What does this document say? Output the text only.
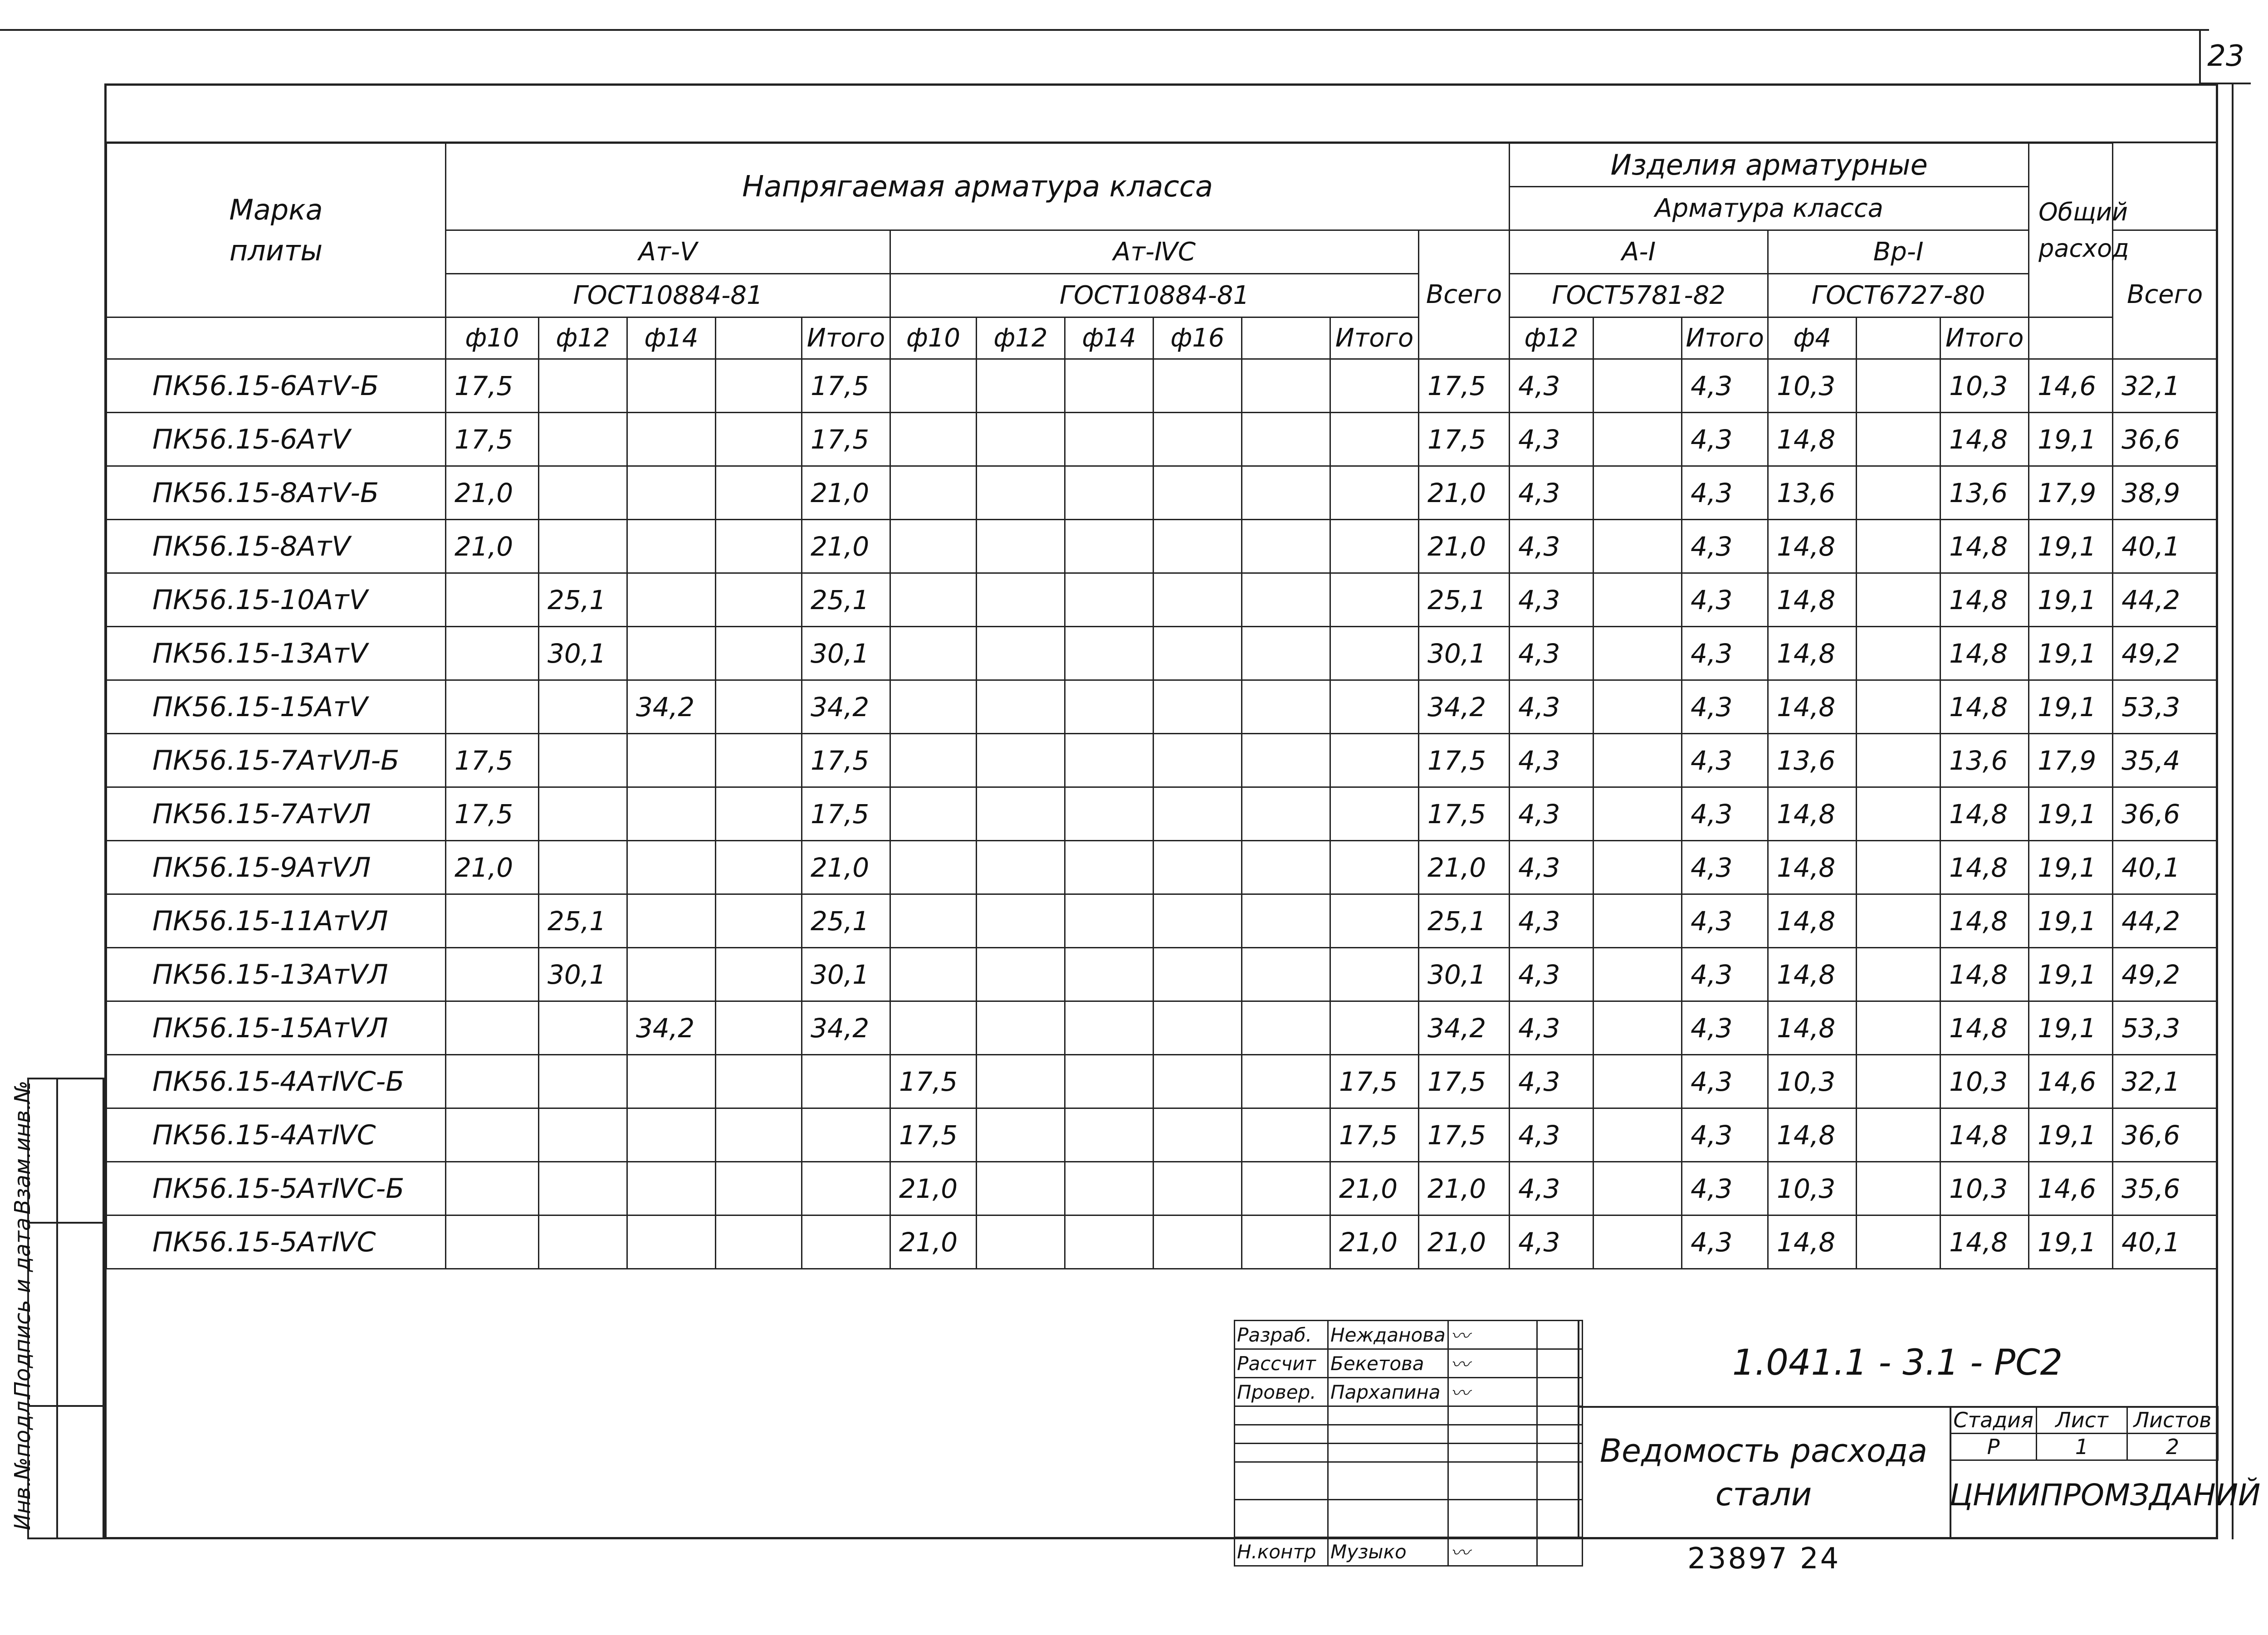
23
Марка плиты	Напрягаемая арматура класса												Изделия арматурные						Общий расход	
													Арматура класса							
	Ат-Ⅴ					Ат-ⅣС						Всего	А-Ⅰ			Вр-Ⅰ				Всего
	ГОСТ10884-81					ГОСТ10884-81							ГОСТ5781-82			ГОСТ6727-80				
	ф10	ф12	ф14		Итого	ф10	ф12	ф14	ф16		Итого		ф12		Итого	ф4		Итого		
ПК56.15-6АтⅤ-Б	17,5				17,5							17,5	4,3		4,3	10,3		10,3	14,6	32,1
ПК56.15-6АтⅤ	17,5				17,5							17,5	4,3		4,3	14,8		14,8	19,1	36,6
ПК56.15-8АтⅤ-Б	21,0				21,0							21,0	4,3		4,3	13,6		13,6	17,9	38,9
ПК56.15-8АтⅤ	21,0				21,0							21,0	4,3		4,3	14,8		14,8	19,1	40,1
ПК56.15-10АтⅤ		25,1			25,1							25,1	4,3		4,3	14,8		14,8	19,1	44,2
ПК56.15-13АтⅤ		30,1			30,1							30,1	4,3		4,3	14,8		14,8	19,1	49,2
ПК56.15-15АтⅤ			34,2		34,2							34,2	4,3		4,3	14,8		14,8	19,1	53,3
ПК56.15-7АтⅤЛ-Б	17,5				17,5							17,5	4,3		4,3	13,6		13,6	17,9	35,4
ПК56.15-7АтⅤЛ	17,5				17,5							17,5	4,3		4,3	14,8		14,8	19,1	36,6
ПК56.15-9АтⅤЛ	21,0				21,0							21,0	4,3		4,3	14,8		14,8	19,1	40,1
ПК56.15-11АтⅤЛ		25,1			25,1							25,1	4,3		4,3	14,8		14,8	19,1	44,2
ПК56.15-13АтⅤЛ		30,1			30,1							30,1	4,3		4,3	14,8		14,8	19,1	49,2
ПК56.15-15АтⅤЛ			34,2		34,2							34,2	4,3		4,3	14,8		14,8	19,1	53,3
ПК56.15-4АтⅣС-Б						17,5					17,5	17,5	4,3		4,3	10,3		10,3	14,6	32,1
ПК56.15-4АтⅣС						17,5					17,5	17,5	4,3		4,3	14,8		14,8	19,1	36,6
ПК56.15-5АтⅣС-Б						21,0					21,0	21,0	4,3		4,3	10,3		10,3	14,6	35,6
ПК56.15-5АтⅣС						21,0					21,0	21,0	4,3		4,3	14,8		14,8	19,1	40,1
Разраб.	Нежданова	〰	
Рассчит	Бекетова	〰	
Провер.	Пархапина	〰	

Н.контр	Музыко	〰	
1.041.1 - 3.1 - РС2
Ведомость расхода
стали
Стадия	Лист	Листов
Р	1	2
ЦНИИПРОМЗДАНИЙ
23897 24
Взам.инв.№
Подпись и дата
Инв.№подл.
